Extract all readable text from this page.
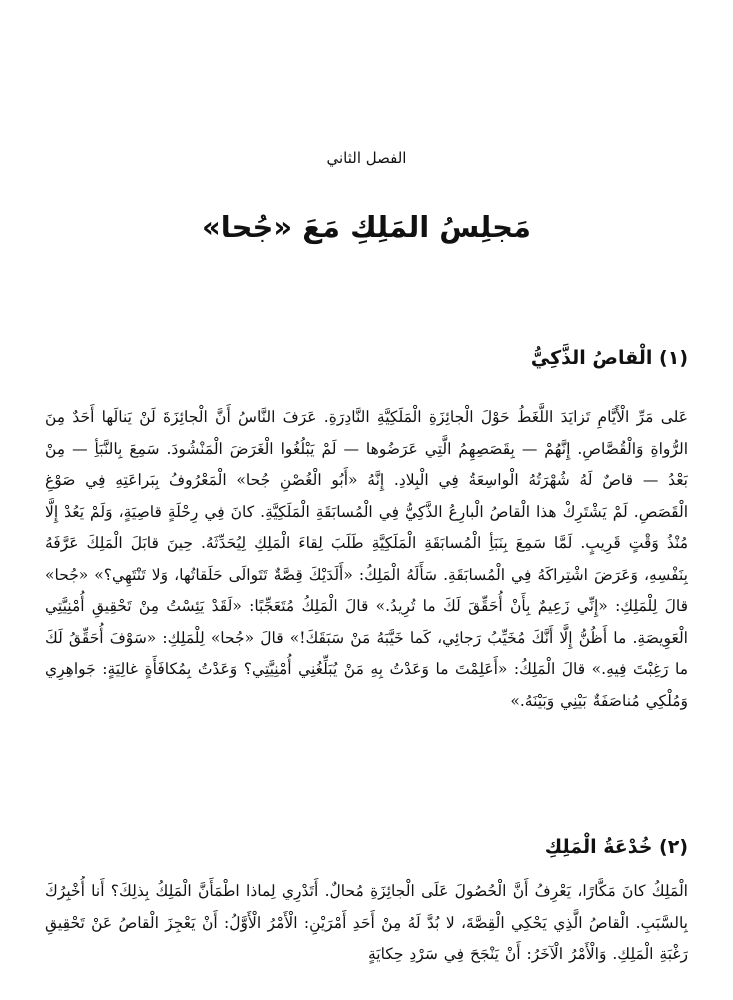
الفصل الثاني
مَجلِسُ المَلِكِ مَعَ «جُحا»
(١) الْقاصُ الذَّكِيُّ

عَلى مَرِّ الْأَيَّامِ تَزايَدَ اللَّغَطُ حَوْلَ الْجائِزَةِ الْمَلَكِيَّةِ النَّادِرَةِ. عَرَفَ النَّاسُ أَنَّ الْجائِزَةَ لَنْ يَنالَها أَحَدٌ مِنَ الرُّواةِ وَالْقُصَّاصِ. إِنَّهُمْ — بِقَصَصِهِمُ الَّتِي عَرَضُوها — لَمْ يَبْلُغُوا الْغَرَضَ الْمَنْشُودَ. سَمِعَ بِالنَّبَأِ — مِنْ بَعْدُ — قاصٌ لَهُ شُهْرَتُهُ الْواسِعَةُ فِي الْبِلادِ. إِنَّهُ «أَبُو الْغُصْنِ جُحا» الْمَعْرُوفُ بِبَراعَتِهِ فِي صَوْغِ الْقَصَصِ. لَمْ يَشْتَرِكْ هذا الْقاصُ الْبارِعُ الذَّكِيُّ فِي الْمُسابَقَةِ الْمَلَكِيَّةِ. كانَ فِي رِحْلَةٍ قاصِيَةٍ، وَلَمْ يَعُدْ إِلَّا مُنْذُ وَقْتٍ قَرِيبٍ. لَمَّا سَمِعَ بِنَبَأِ الْمُسابَقَةِ الْمَلَكِيَّةِ طَلَبَ لِقاءَ الْمَلِكِ لِيُحَدِّثَهُ. حِينَ قابَلَ الْمَلِكَ عَرَّفَهُ بِنَفْسِهِ، وَعَرَضَ اشْتِراكَهُ فِي الْمُسابَقَةِ. سَأَلَهُ الْمَلِكُ: «أَلَدَيْكَ قِصَّةٌ تَتَوالَى حَلَقاتُها، وَلا تَنْتَهِي؟» «جُحا» قالَ لِلْمَلِكِ: «إِنِّي زَعِيمٌ بِأَنْ أُحَقِّقَ لَكَ ما تُرِيدُ.» قالَ الْمَلِكُ مُتَعَجِّبًا: «لَقَدْ يَئِسْتُ مِنْ تَحْقِيقِ أُمْنِيَّتِي الْعَوِيصَةِ. ما أَظُنُّ إِلَّا أَنَّكَ مُخَيِّبُ رَجائِي، كَما خَيَّبَهُ مَنْ سَبَقَكَ!» قالَ «جُحا» لِلْمَلِكِ: «سَوْفَ أُحَقِّقُ لَكَ ما رَغِبْتَ فِيهِ.» قالَ الْمَلِكُ: «أَعَلِمْتَ ما وَعَدْتُ بِهِ مَنْ يُبَلِّغُنِي أُمْنِيَّتِي؟ وَعَدْتُ بِمُكافَأَةٍ غالِيَةٍ: جَواهِرِي وَمُلْكِي مُناصَفَةٌ بَيْنِي وَبَيْنَهُ.»

(٢) خُدْعَةُ الْمَلِكِ

الْمَلِكُ كانَ مَكَّارًا، يَعْرِفُ أَنَّ الْحُصُولَ عَلَى الْجائِزَةِ مُحالٌ. أَتَدْرِي لِماذا اطْمَأَنَّ الْمَلِكُ بِذلِكَ؟ أَنا أُخْبِرُكَ بِالسَّبَبِ. الْقاصُ الَّذِي يَحْكِي الْقِصَّةَ، لا بُدَّ لَهُ مِنْ أَحَدِ أَمْرَيْنِ: الْأَمْرُ الْأَوَّلُ: أَنْ يَعْجِزَ الْقاصُ عَنْ تَحْقِيقِ رَغْبَةِ الْمَلِكِ. وَالْأَمْرُ الْآخَرُ: أَنْ يَنْجَحَ فِي سَرْدِ حِكايَةٍ
